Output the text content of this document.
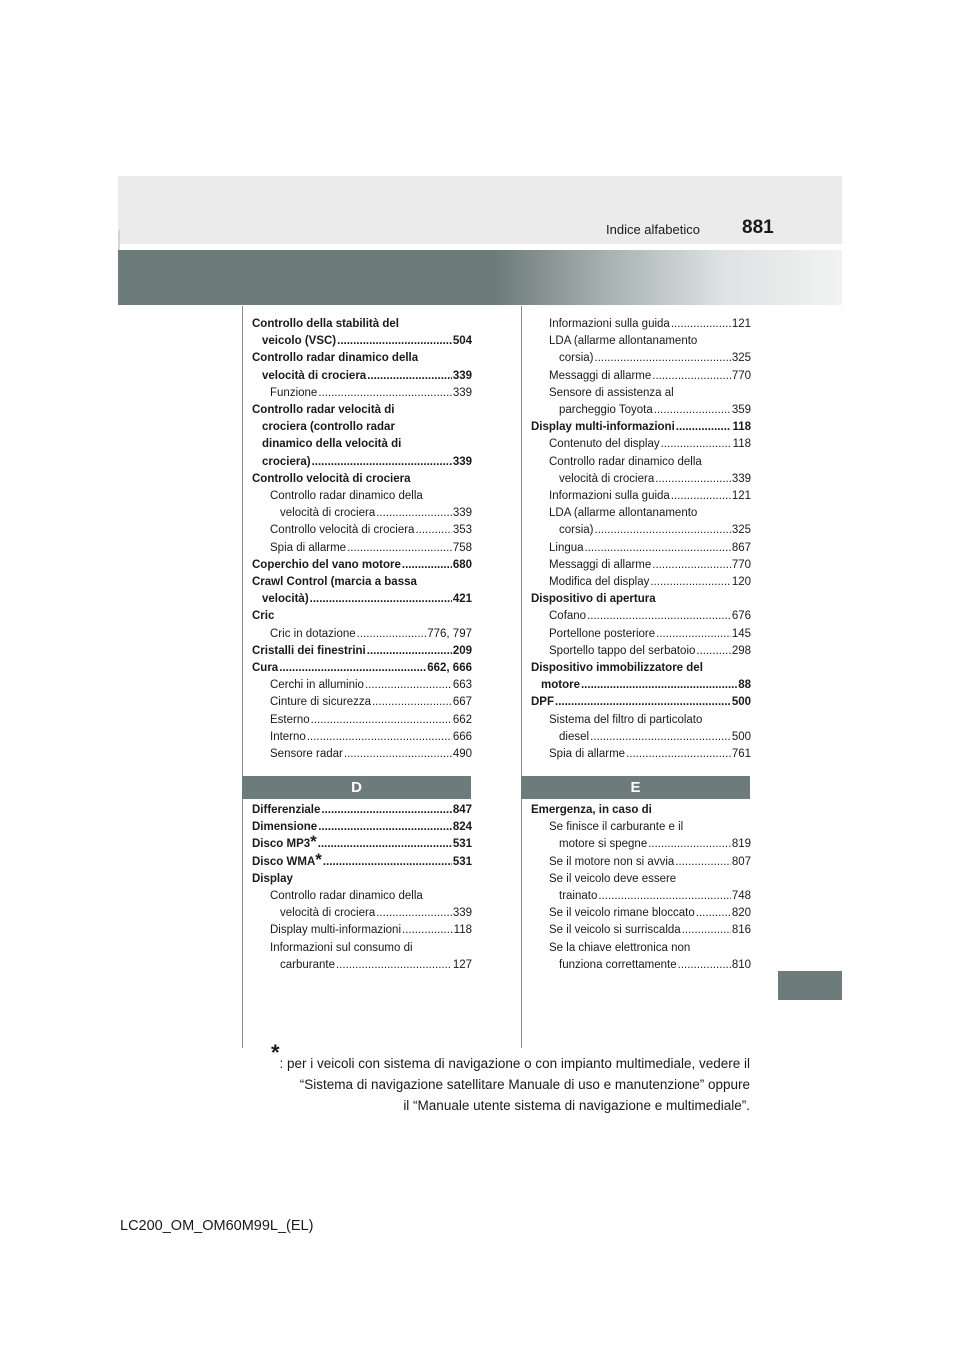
Indice alfabetico 881
Controllo della stabilità del
veicolo (VSC) .....	504
Controllo radar dinamico della
velocità di crociera .....	339
Funzione .....	339
Controllo radar velocità di
crociera (controllo radar
dinamico della velocità di
crociera) .....	339
Controllo velocità di crociera
Controllo radar dinamico della
velocità di crociera .....	339
Controllo velocità di crociera .....	353
Spia di allarme .....	758
Coperchio del vano motore .....	680
Crawl Control (marcia a bassa
velocità) .....	421
Cric
Cric in dotazione .....	776, 797
Cristalli dei finestrini .....	209
Cura .....	662, 666
Cerchi in alluminio .....	663
Cinture di sicurezza .....	667
Esterno .....	662
Interno .....	666
Sensore radar .....	490
Informazioni sulla guida .....	121
LDA (allarme allontanamento
corsia) .....	325
Messaggi di allarme .....	770
Sensore di assistenza al
parcheggio Toyota .....	359
Display multi-informazioni .....	118
Contenuto del display .....	118
Controllo radar dinamico della
velocità di crociera .....	339
Informazioni sulla guida .....	121
LDA (allarme allontanamento
corsia) .....	325
Lingua .....	867
Messaggi di allarme .....	770
Modifica del display .....	120
Dispositivo di apertura
Cofano .....	676
Portellone posteriore .....	145
Sportello tappo del serbatoio .....	298
Dispositivo immobilizzatore del
motore .....	88
DPF .....	500
Sistema del filtro di particolato
diesel .....	500
Spia di allarme .....	761
D	E
Differenziale .....	847
Dimensione .....	824
Disco MP3 * .....	531
Disco WMA * .....	531
Display
Controllo radar dinamico della
velocità di crociera .....	339
Display multi-informazioni .....	118
Informazioni sul consumo di
carburante .....	127
Emergenza, in caso di
Se finisce il carburante e il
motore si spegne .....	819
Se il motore non si avvia .....	807
Se il veicolo deve essere
trainato .....	748
Se il veicolo rimane bloccato .....	820
Se il veicolo si surriscalda .....	816
Se la chiave elettronica non
funziona correttamente .....	810
*: per i veicoli con sistema di navigazione o con impianto multimediale, vedere il
“Sistema di navigazione satellitare Manuale di uso e manutenzione” oppure
il “Manuale utente sistema di navigazione e multimediale”.
LC200_OM_OM60M99L_(EL)
